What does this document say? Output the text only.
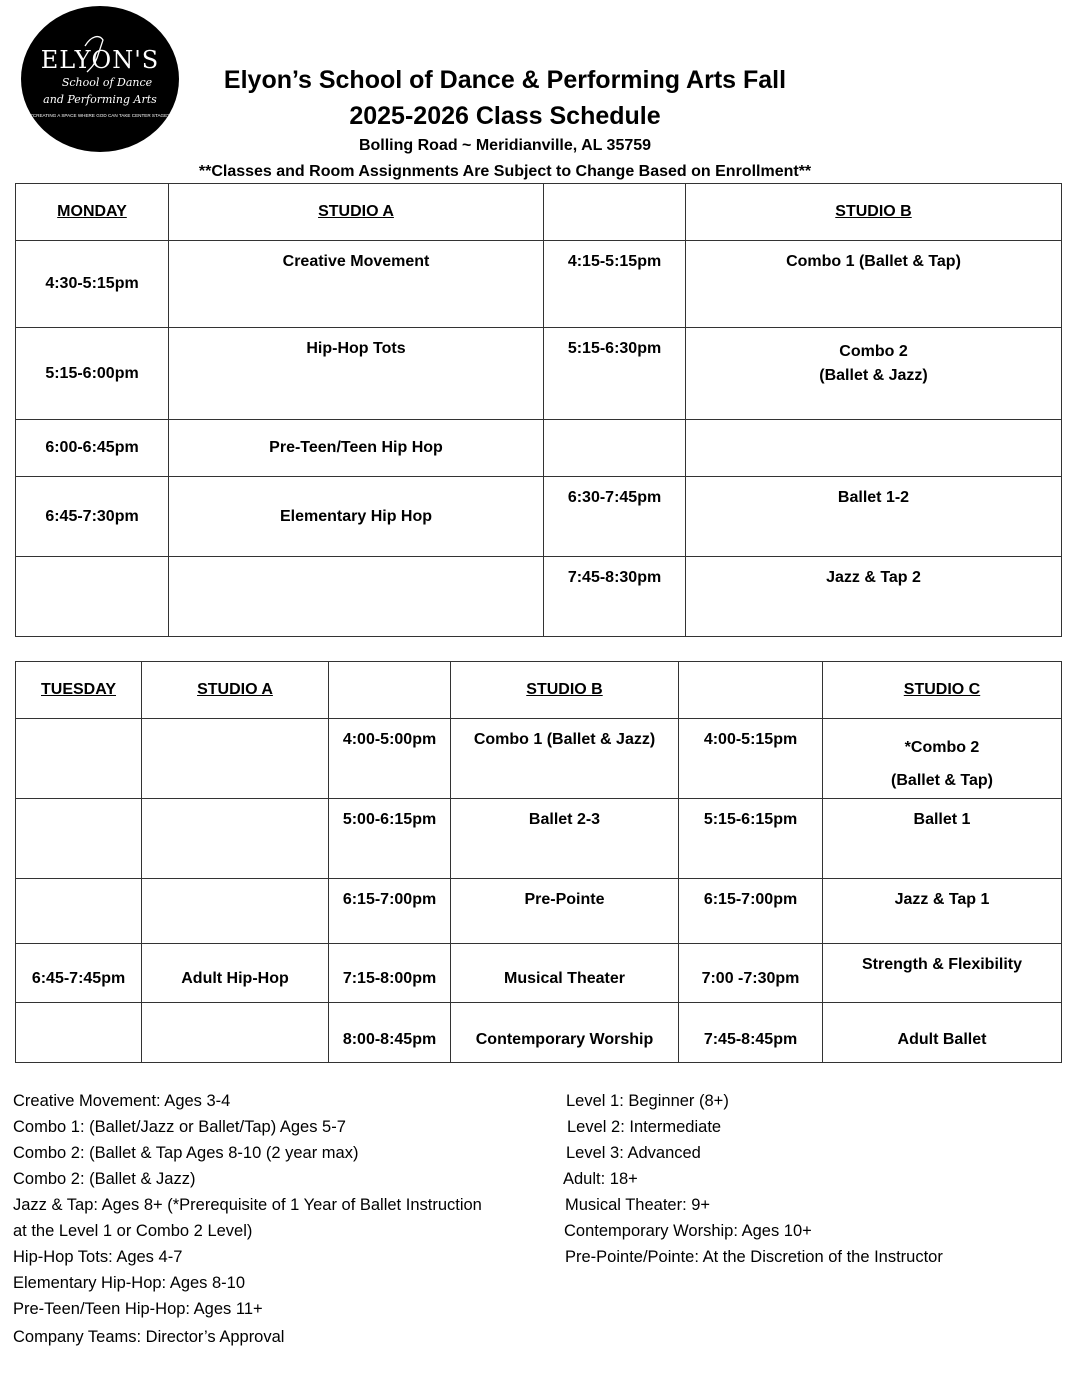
ELYON'S
School of Dance
and Performing Arts
"CREATING A SPACE WHERE GOD CAN TAKE CENTER STAGE"
Elyon’s School of Dance & Performing Arts Fall
2025-2026 Class Schedule
Bolling Road ~ Meridianville, AL 35759
**Classes and Room Assignments Are Subject to Change Based on Enrollment**
MONDAY	STUDIO A		STUDIO B
4:30-5:15pm	Creative Movement	4:15-5:15pm	Combo 1 (Ballet & Tap)
5:15-6:00pm	Hip-Hop Tots	5:15-6:30pm	Combo 2
(Ballet & Jazz)

6:00-6:45pm	Pre-Teen/Teen Hip Hop		
6:45-7:30pm	Elementary Hip Hop	6:30-7:45pm	Ballet 1-2
		7:45-8:30pm	Jazz & Tap 2
TUESDAY	STUDIO A		STUDIO B		STUDIO C
		4:00-5:00pm	Combo 1 (Ballet & Jazz)	4:00-5:15pm	*Combo 2
(Ballet & Tap)

		5:00-6:15pm	Ballet 2-3	5:15-6:15pm	Ballet 1
		6:15-7:00pm	Pre-Pointe	6:15-7:00pm	Jazz & Tap 1
6:45-7:45pm	Adult Hip-Hop	7:15-8:00pm	Musical Theater	7:00 -7:30pm	Strength & Flexibility
		8:00-8:45pm	Contemporary Worship	7:45-8:45pm	Adult Ballet
Creative Movement: Ages 3-4
Combo 1: (Ballet/Jazz or Ballet/Tap) Ages 5-7
Combo 2: (Ballet & Tap Ages 8-10 (2 year max)
Combo 2: (Ballet & Jazz)
Jazz & Tap: Ages 8+ (*Prerequisite of 1 Year of Ballet Instruction
at the Level 1 or Combo 2 Level)
Hip-Hop Tots: Ages 4-7
Elementary Hip-Hop: Ages 8-10
Pre-Teen/Teen Hip-Hop: Ages 11+
Company Teams: Director’s Approval
Level 1: Beginner (8+)
Level 2: Intermediate
Level 3: Advanced
Adult: 18+
Musical Theater: 9+
Contemporary Worship: Ages 10+
Pre-Pointe/Pointe: At the Discretion of the Instructor
